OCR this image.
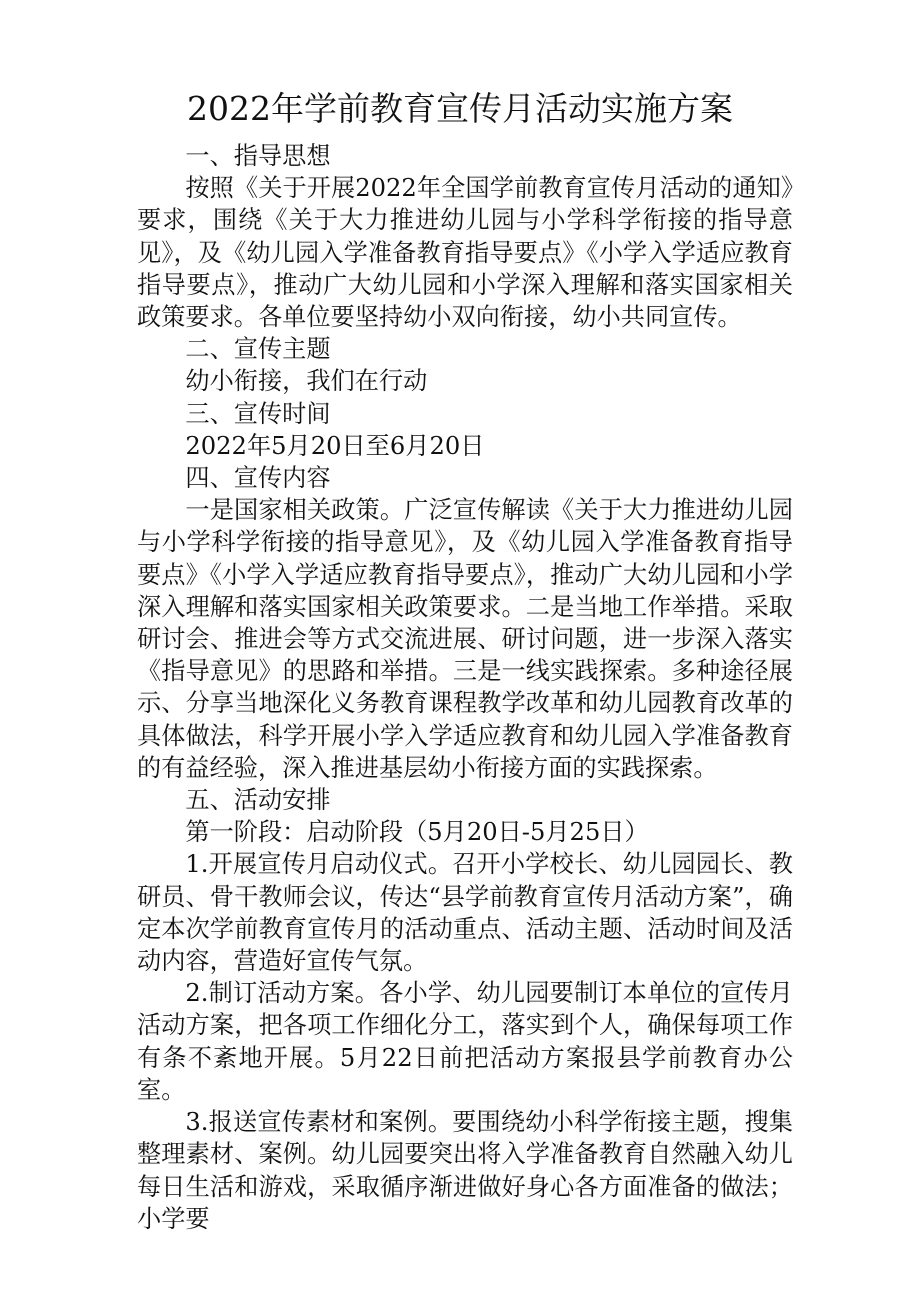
2022年学前教育宣传月活动实施方案

一、指导思想

按照《关于开展2022年全国学前教育宣传月活动的通知》要求，围绕《关于大力推进幼儿园与小学科学衔接的指导意见》，及《幼儿园入学准备教育指导要点》《小学入学适应教育指导要点》，推动广大幼儿园和小学深入理解和落实国家相关政策要求。各单位要坚持幼小双向衔接，幼小共同宣传。

二、宣传主题

幼小衔接，我们在行动

三、宣传时间

2022年5月20日至6月20日

四、宣传内容

一是国家相关政策。广泛宣传解读《关于大力推进幼儿园与小学科学衔接的指导意见》，及《幼儿园入学准备教育指导要点》《小学入学适应教育指导要点》，推动广大幼儿园和小学深入理解和落实国家相关政策要求。二是当地工作举措。采取研讨会、推进会等方式交流进展、研讨问题，进一步深入落实《指导意见》的思路和举措。三是一线实践探索。多种途径展示、分享当地深化义务教育课程教学改革和幼儿园教育改革的具体做法，科学开展小学入学适应教育和幼儿园入学准备教育的有益经验，深入推进基层幼小衔接方面的实践探索。

五、活动安排

第一阶段：启动阶段（5月20日-5月25日）

1.开展宣传月启动仪式。召开小学校长、幼儿园园长、教研员、骨干教师会议，传达“县学前教育宣传月活动方案”，确定本次学前教育宣传月的活动重点、活动主题、活动时间及活动内容，营造好宣传气氛。

2.制订活动方案。各小学、幼儿园要制订本单位的宣传月活动方案，把各项工作细化分工，落实到个人，确保每项工作有条不紊地开展。5月22日前把活动方案报县学前教育办公室。

3.报送宣传素材和案例。要围绕幼小科学衔接主题，搜集整理素材、案例。幼儿园要突出将入学准备教育自然融入幼儿每日生活和游戏，采取循序渐进做好身心各方面准备的做法；小学要
